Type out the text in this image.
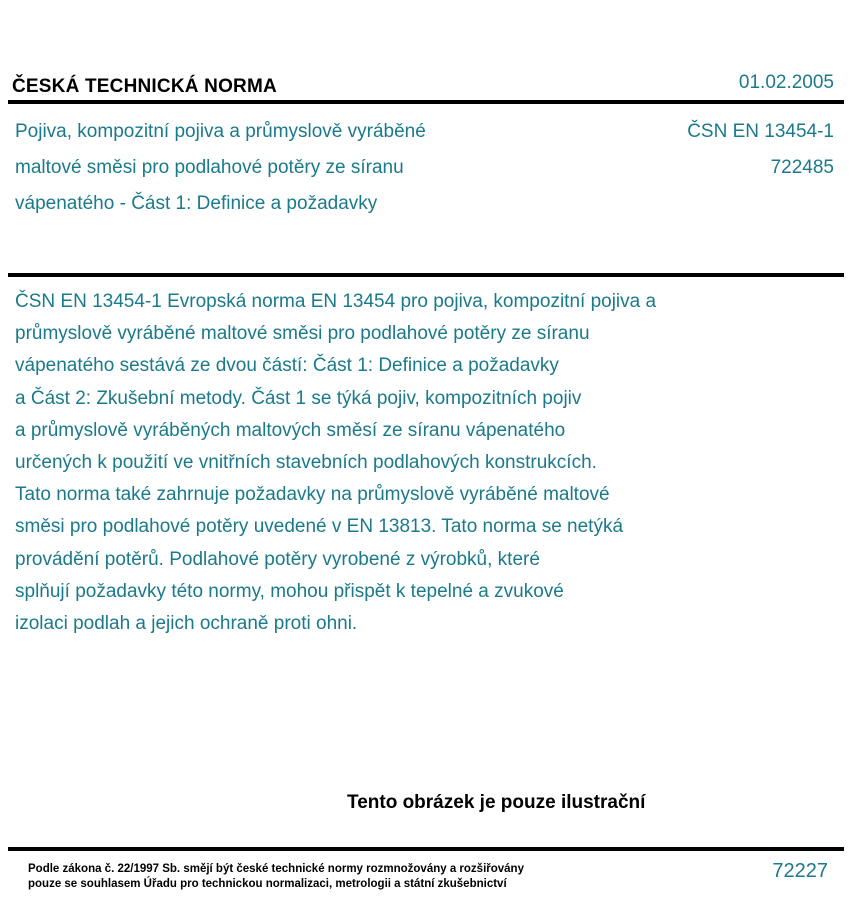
ČESKÁ TECHNICKÁ NORMA	01.02.2005
Pojiva, kompozitní pojiva a průmyslově vyráběné
maltové směsi pro podlahové potěry ze síranu
vápenatého - Část 1: Definice a požadavky
ČSN EN 13454-1
722485
ČSN EN 13454-1 Evropská norma EN 13454 pro pojiva, kompozitní pojiva a
průmyslově vyráběné maltové směsi pro podlahové potěry ze síranu
vápenatého sestává ze dvou částí: Část 1: Definice a požadavky
a Část 2: Zkušební metody. Část 1 se týká pojiv, kompozitních pojiv
a průmyslově vyráběných maltových směsí ze síranu vápenatého
určených k použití ve vnitřních stavebních podlahových konstrukcích.
Tato norma také zahrnuje požadavky na průmyslově vyráběné maltové
směsi pro podlahové potěry uvedené v EN 13813. Tato norma se netýká
provádění potěrů. Podlahové potěry vyrobené z výrobků, které
splňují požadavky této normy, mohou přispět k tepelné a zvukové
izolaci podlah a jejich ochraně proti ohni.
Tento obrázek je pouze ilustrační
Podle zákona č. 22/1997 Sb. smějí být české technické normy rozmnožovány a rozšiřovány
pouze se souhlasem Úřadu pro technickou normalizaci, metrologii a státní zkušebnictví
72227
